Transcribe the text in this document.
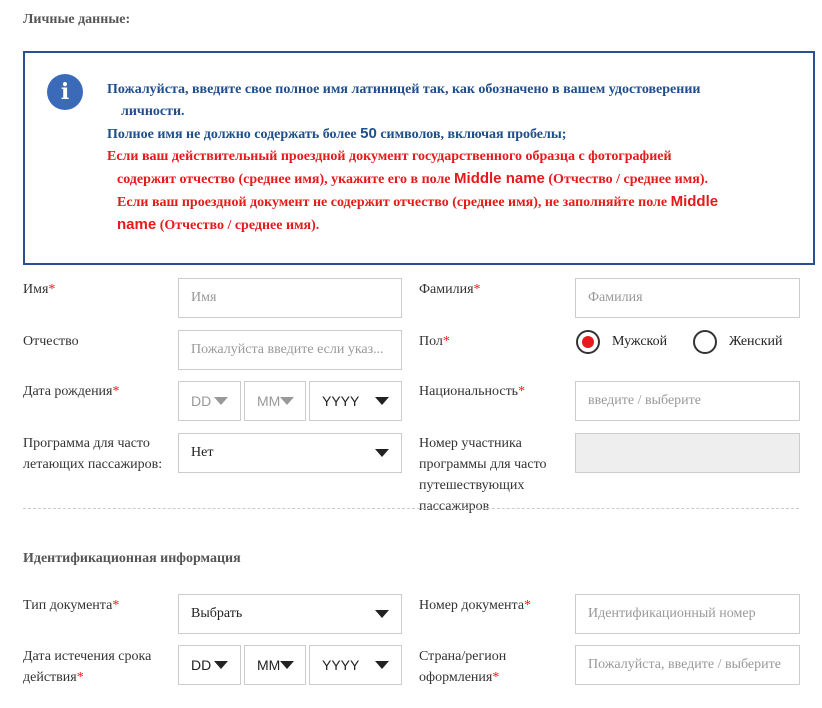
Личные данные:
i	Пожалуйста, введите свое полное имя латиницей так, как обозначено в вашем удостоверении
личности.
Полное имя не должно содержать более 50 символов, включая пробелы;
Если ваш действительный проездной документ государственного образца с фотографией
содержит отчество (среднее имя), укажите его в поле Middle name (Отчество / среднее имя).
Если ваш проездной документ не содержит отчество (среднее имя), не заполняйте поле Middle
name (Отчество / среднее имя).
Имя*
Имя
Фамилия*
Фамилия
Отчество
Пожалуйста введите если указ...
Пол*	Мужской	Женский
Дата рождения*
DD	MM	YYYY
Национальность*
введите / выберите
Программа для часто
летающих пассажиров:
Нет
Номер участника
программы для часто
путешествующих
пассажиров
Идентификационная информация
Тип документа*
Выбрать
Номер документа*
Идентификационный номер
Дата истечения срока
действия*
DD	MM	YYYY
Страна/регион
оформления*
Пожалуйста, введите / выберите
